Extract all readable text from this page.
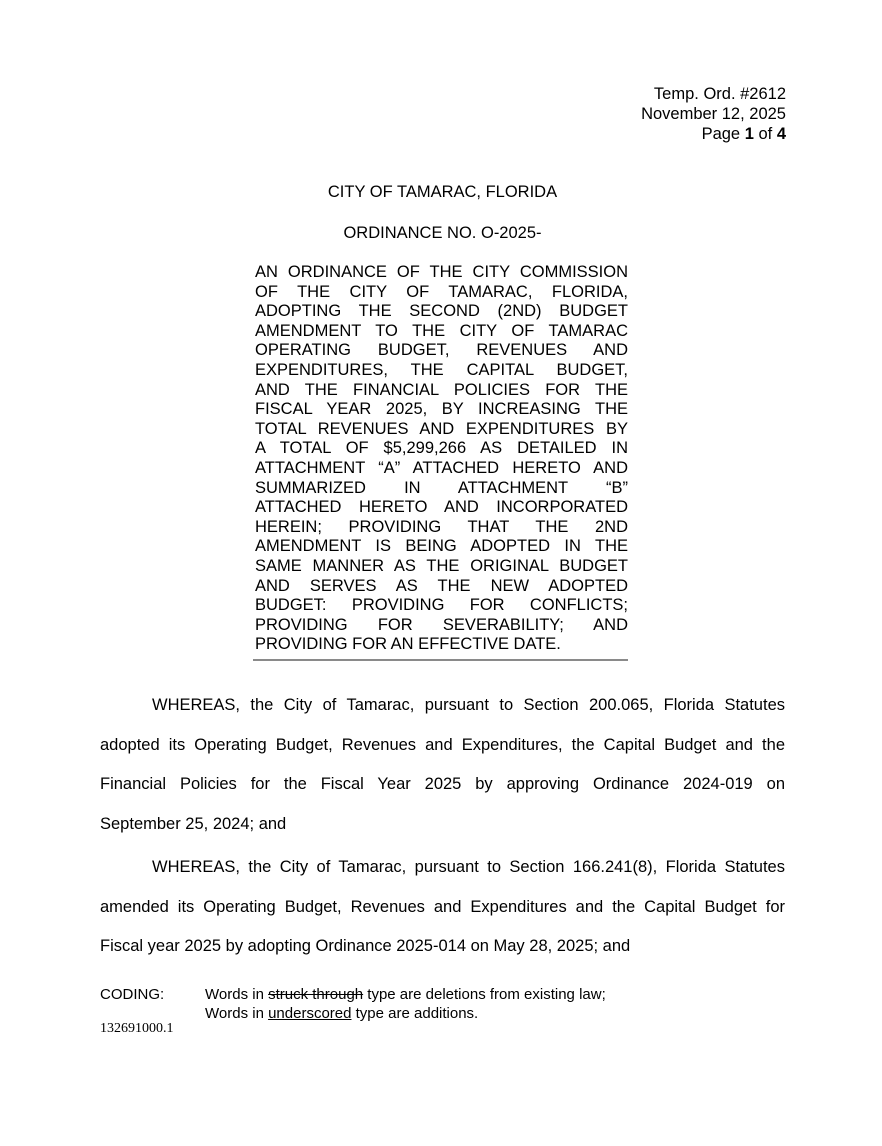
Temp. Ord. #2612
November 12, 2025
Page 1 of 4
CITY OF TAMARAC, FLORIDA
ORDINANCE NO. O-2025-
AN ORDINANCE OF THE CITY COMMISSION
OF THE CITY OF TAMARAC, FLORIDA,
ADOPTING THE SECOND (2ND) BUDGET
AMENDMENT TO THE CITY OF TAMARAC
OPERATING BUDGET, REVENUES AND
EXPENDITURES, THE CAPITAL BUDGET,
AND THE FINANCIAL POLICIES FOR THE
FISCAL YEAR 2025, BY INCREASING THE
TOTAL REVENUES AND EXPENDITURES BY
A TOTAL OF $5,299,266 AS DETAILED IN
ATTACHMENT “A” ATTACHED HERETO AND
SUMMARIZED IN ATTACHMENT “B”
ATTACHED HERETO AND INCORPORATED
HEREIN; PROVIDING THAT THE 2ND
AMENDMENT IS BEING ADOPTED IN THE
SAME MANNER AS THE ORIGINAL BUDGET
AND SERVES AS THE NEW ADOPTED
BUDGET: PROVIDING FOR CONFLICTS;
PROVIDING FOR SEVERABILITY; AND
PROVIDING FOR AN EFFECTIVE DATE.
WHEREAS, the City of Tamarac, pursuant to Section 200.065, Florida Statutes
adopted its Operating Budget, Revenues and Expenditures, the Capital Budget and the
Financial Policies for the Fiscal Year 2025 by approving Ordinance 2024-019 on
September 25, 2024; and
WHEREAS, the City of Tamarac, pursuant to Section 166.241(8), Florida Statutes
amended its Operating Budget, Revenues and Expenditures and the Capital Budget for
Fiscal year 2025 by adopting Ordinance 2025-014 on May 28, 2025; and
CODING:	Words in struck through type are deletions from existing law;
Words in underscored type are additions.
132691000.1
